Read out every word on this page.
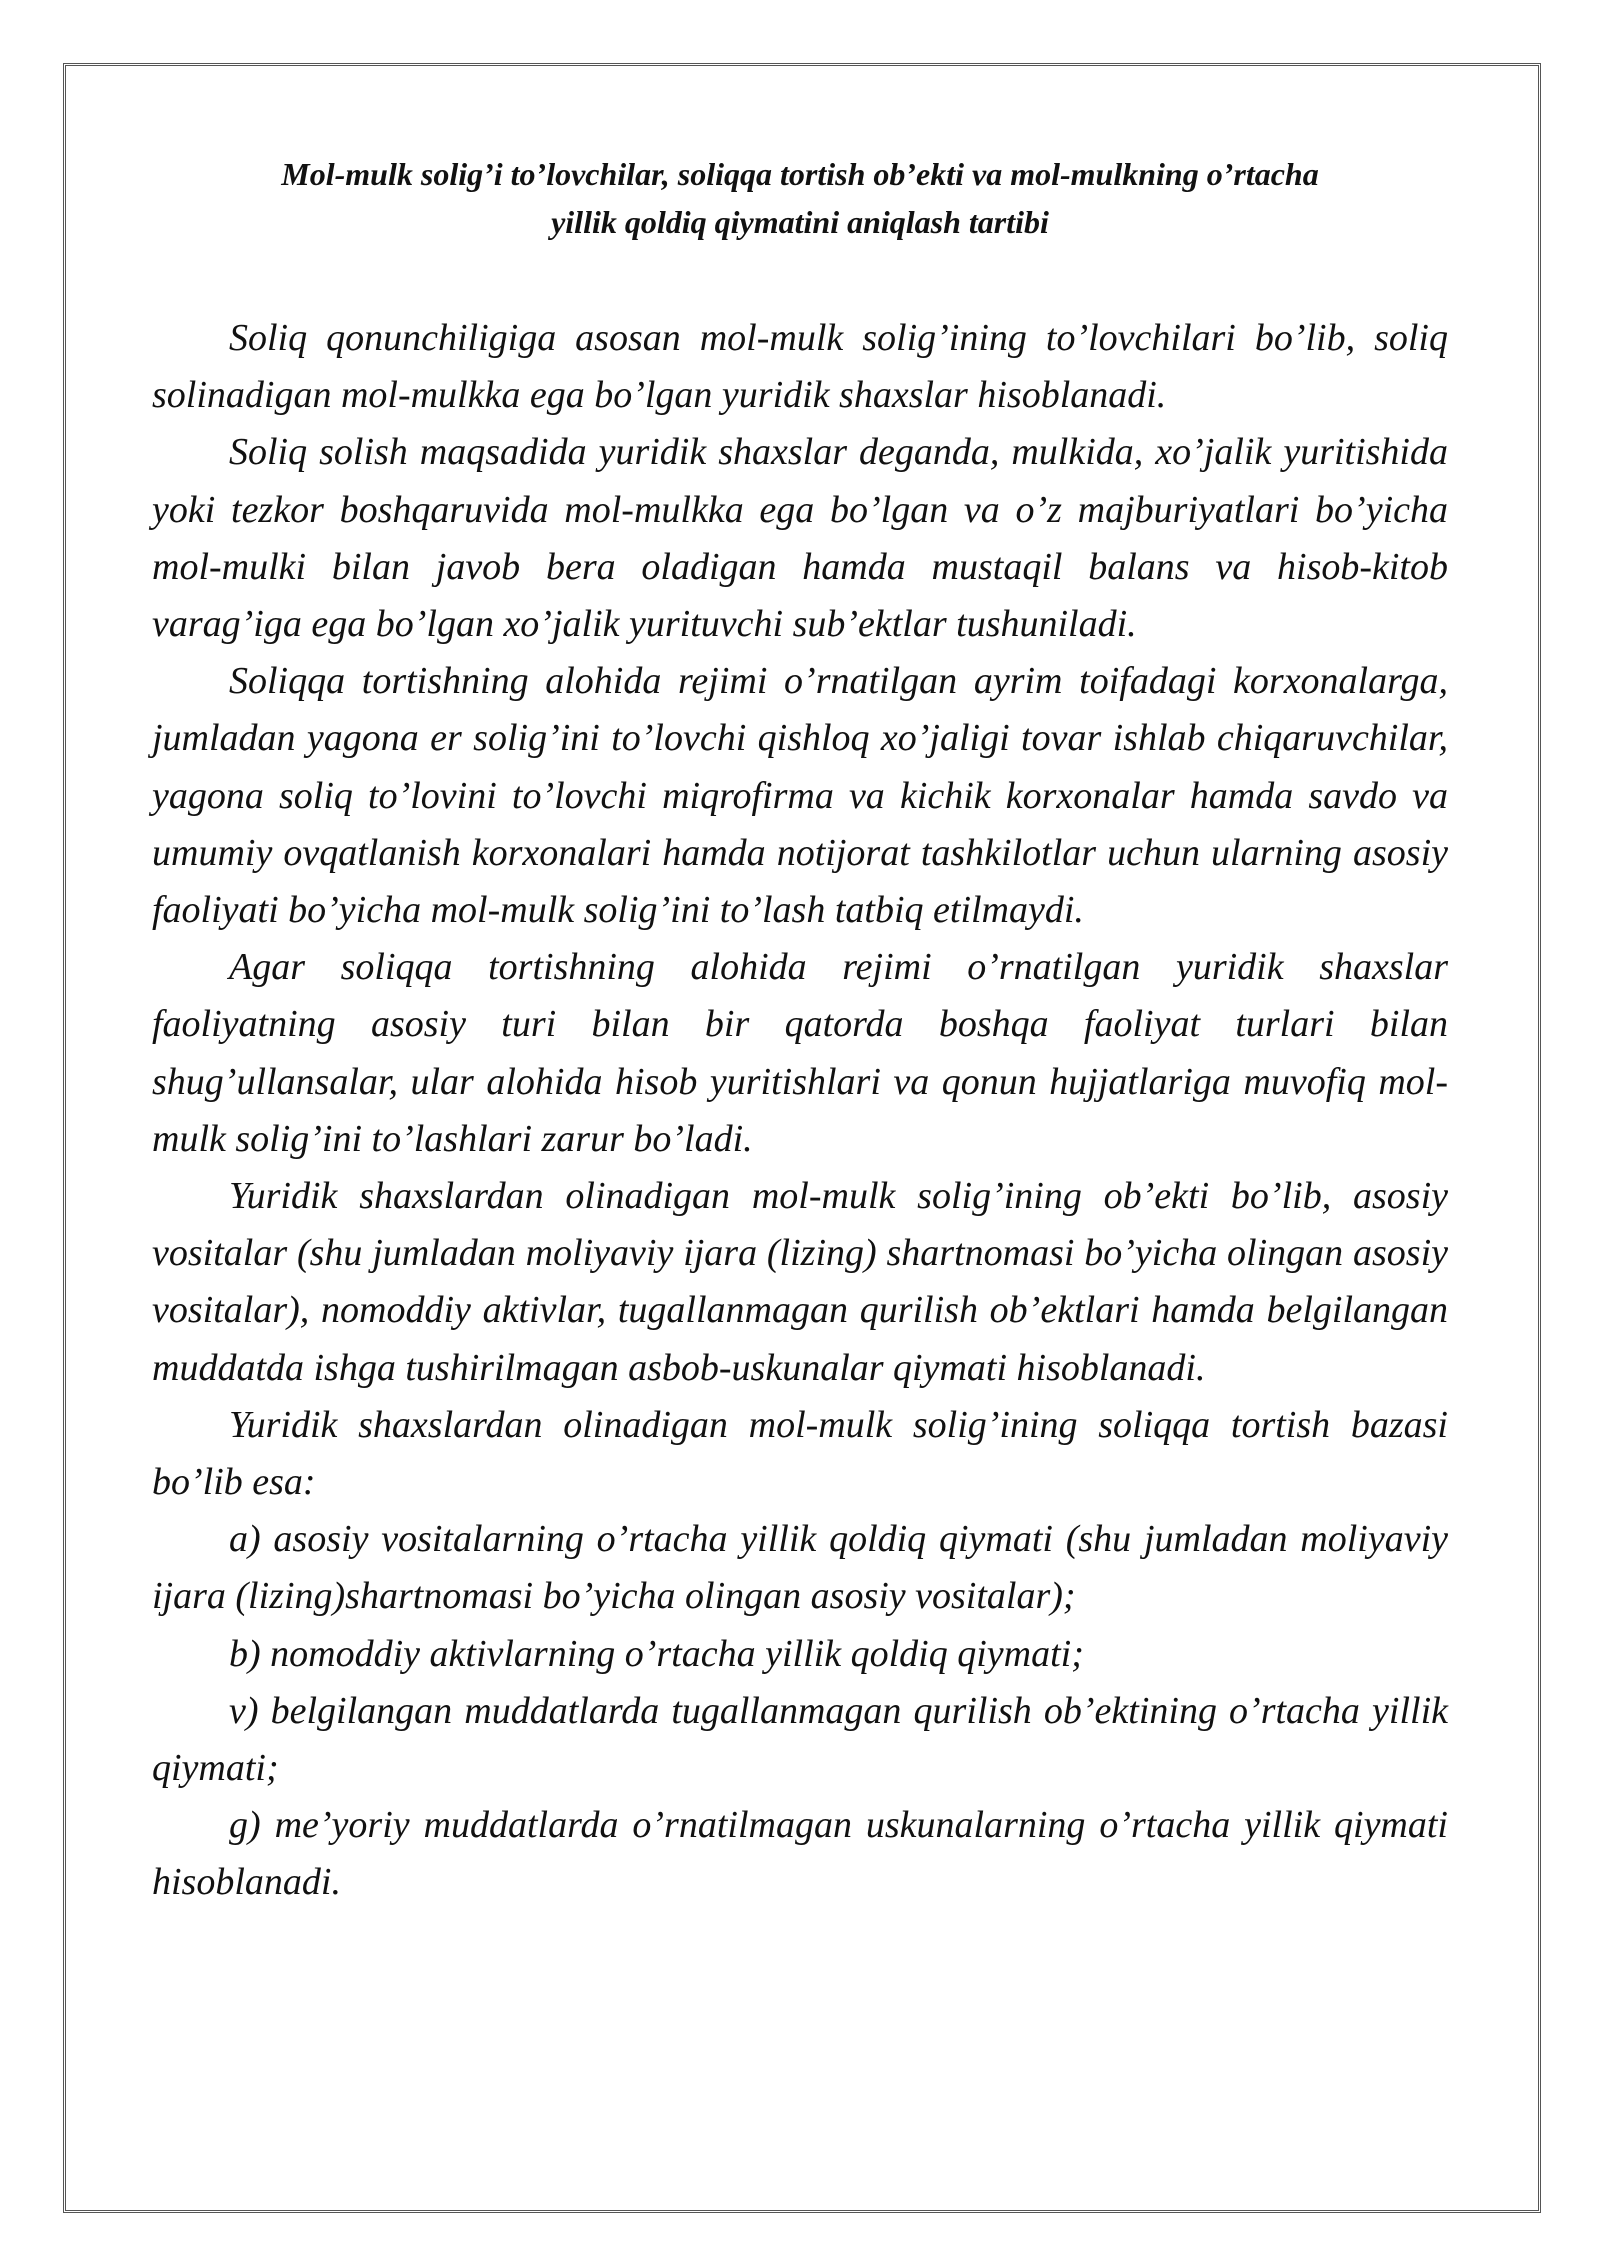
Mol-mulk solig’i to’lovchilar, soliqqa tortish ob’ekti va mol-mulkning o’rtacha
yillik qoldiq qiymatini aniqlash tartibi

Soliq qonunchiligiga asosan mol-mulk solig’ining to’lovchilari bo’lib, soliq solinadigan mol-mulkka ega bo’lgan yuridik shaxslar hisoblanadi.

Soliq solish maqsadida yuridik shaxslar deganda, mulkida, xo’jalik yuritishida yoki tezkor boshqaruvida mol-mulkka ega bo’lgan va o’z majburiyatlari bo’yicha mol-mulki bilan javob bera oladigan hamda mustaqil balans va hisob-kitob varag’iga ega bo’lgan xo’jalik yurituvchi sub’ektlar tushuniladi.

Soliqqa tortishning alohida rejimi o’rnatilgan ayrim toifadagi korxonalarga, jumladan yagona er solig’ini to’lovchi qishloq xo’jaligi tovar ishlab chiqaruvchilar, yagona soliq to’lovini to’lovchi miqrofirma va kichik korxonalar hamda savdo va umumiy ovqatlanish korxonalari hamda notijorat tashkilotlar uchun ularning asosiy faoliyati bo’yicha mol-mulk solig’ini to’lash tatbiq etilmaydi.

Agar soliqqa tortishning alohida rejimi o’rnatilgan yuridik shaxslar faoliyatning asosiy turi bilan bir qatorda boshqa faoliyat turlari bilan shug’ullansalar, ular alohida hisob yuritishlari va qonun hujjatlariga muvofiq mol-mulk solig’ini to’lashlari zarur bo’ladi.

Yuridik shaxslardan olinadigan mol-mulk solig’ining ob’ekti bo’lib, asosiy vositalar (shu jumladan moliyaviy ijara (lizing) shartnomasi bo’yicha olingan asosiy vositalar), nomoddiy aktivlar, tugallanmagan qurilish ob’ektlari hamda belgilangan muddatda ishga tushirilmagan asbob-uskunalar qiymati hisoblanadi.

Yuridik shaxslardan olinadigan mol-mulk solig’ining soliqqa tortish bazasi bo’lib esa:

a) asosiy vositalarning o’rtacha yillik qoldiq qiymati (shu jumladan moliyaviy ijara (lizing)shartnomasi bo’yicha olingan asosiy vositalar);

b) nomoddiy aktivlarning o’rtacha yillik qoldiq qiymati;

v) belgilangan muddatlarda tugallanmagan qurilish ob’ektining o’rtacha yillik qiymati;

g) me’yoriy muddatlarda o’rnatilmagan uskunalarning o’rtacha yillik qiymati hisoblanadi.
